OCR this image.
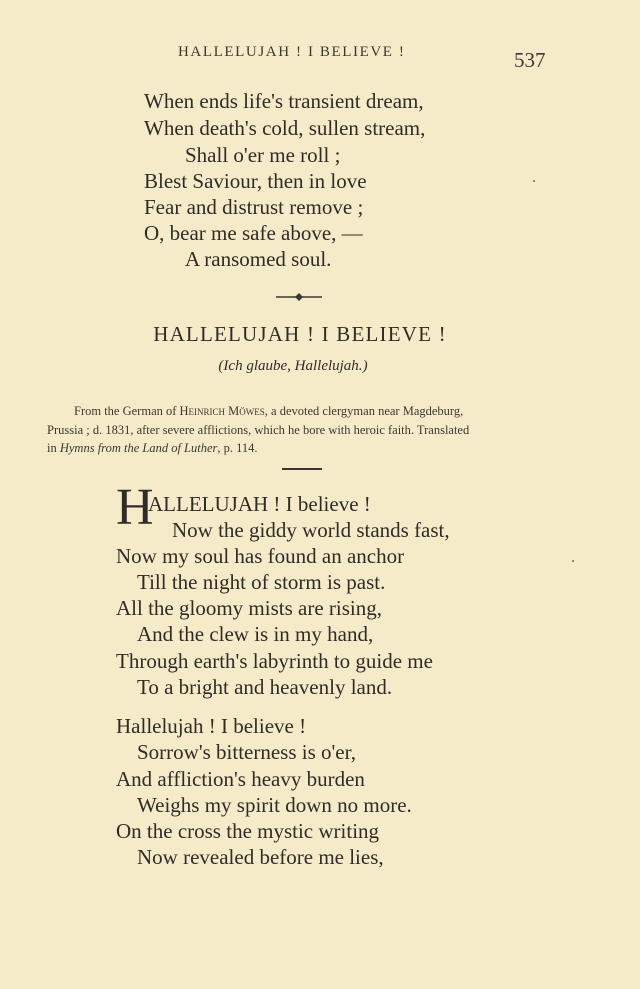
HALLELUJAH ! I BELIEVE !	537
When ends life's transient dream,
When death's cold, sullen stream,
Shall o'er me roll ;
Blest Saviour, then in love
Fear and distrust remove ;
O, bear me safe above, —
A ransomed soul.
HALLELUJAH ! I BELIEVE !
(Ich glaube, Hallelujah.)
From the German of Heinrich Möwes, a devoted clergyman near Magdeburg,
Prussia ; d. 1831, after severe afflictions, which he bore with heroic faith. Translated
in Hymns from the Land of Luther, p. 114.
H
ALLELUJAH ! I believe !
Now the giddy world stands fast,
Now my soul has found an anchor
Till the night of storm is past.
All the gloomy mists are rising,
And the clew is in my hand,
Through earth's labyrinth to guide me
To a bright and heavenly land.
Hallelujah ! I believe !
Sorrow's bitterness is o'er,
And affliction's heavy burden
Weighs my spirit down no more.
On the cross the mystic writing
Now revealed before me lies,
